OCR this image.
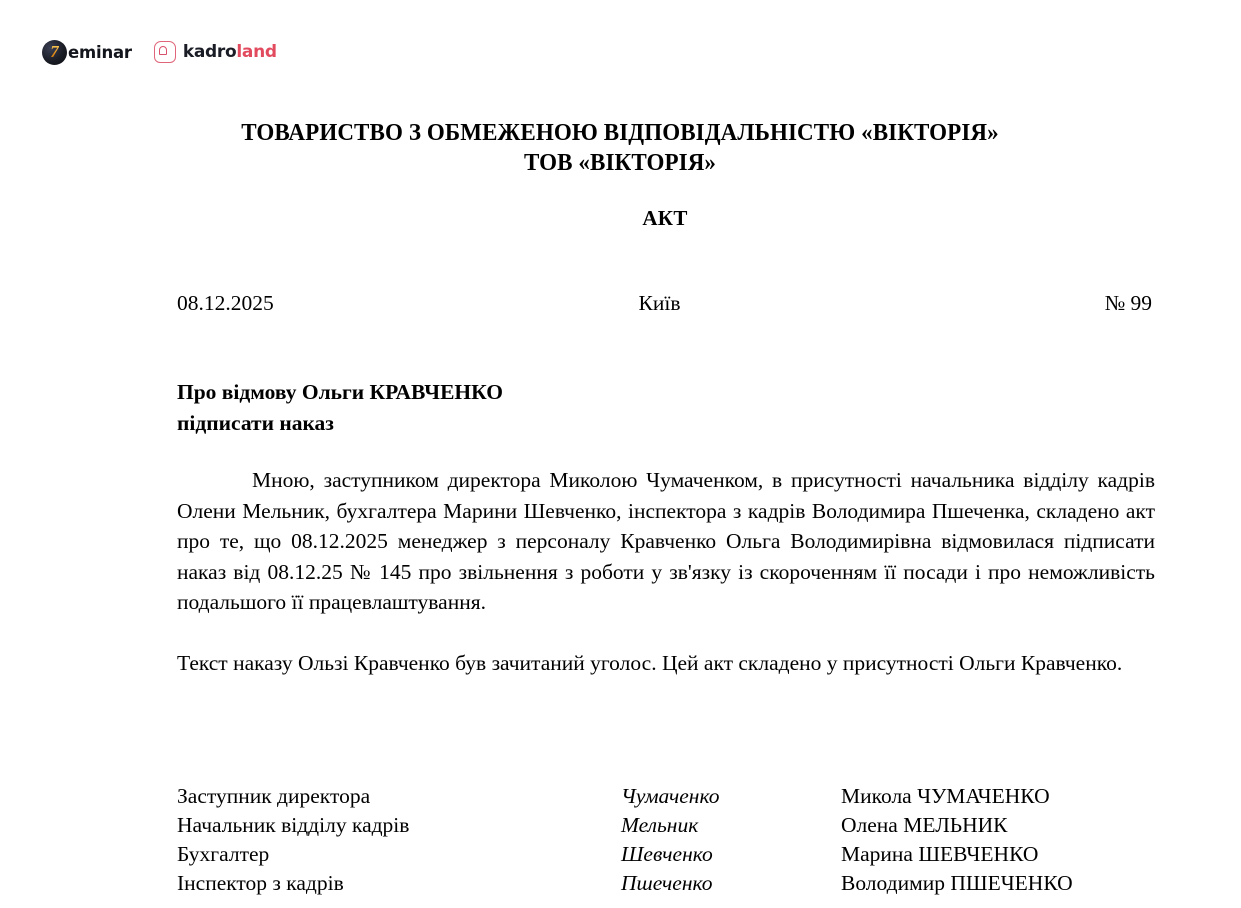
7 eminar	kadroland
ТОВАРИСТВО З ОБМЕЖЕНОЮ ВІДПОВІДАЛЬНІСТЮ «ВІКТОРІЯ»
ТОВ «ВІКТОРІЯ»
АКТ
08.12.2025	Київ	№ 99
Про відмову Ольги КРАВЧЕНКО
підписати наказ

Мною, заступником директора Миколою Чумаченком, в присутності начальника відділу кадрів Олени Мельник, бухгалтера Марини Шевченко, інспектора з кадрів Володимира Пшеченка, складено акт про те, що 08.12.2025 менеджер з персоналу Кравченко Ольга Володимирівна відмовилася підписати наказ від 08.12.25 № 145 про звільнення з роботи у зв'язку із скороченням її посади і про неможливість подальшого її працевлаштування.

Текст наказу Ользі Кравченко був зачитаний уголос. Цей акт складено у присутності Ольги Кравченко.

Заступник директора	Чумаченко	Микола ЧУМАЧЕНКО
Начальник відділу кадрів	Мельник	Олена МЕЛЬНИК
Бухгалтер	Шевченко	Марина ШЕВЧЕНКО
Інспектор з кадрів	Пшеченко	Володимир ПШЕЧЕНКО
